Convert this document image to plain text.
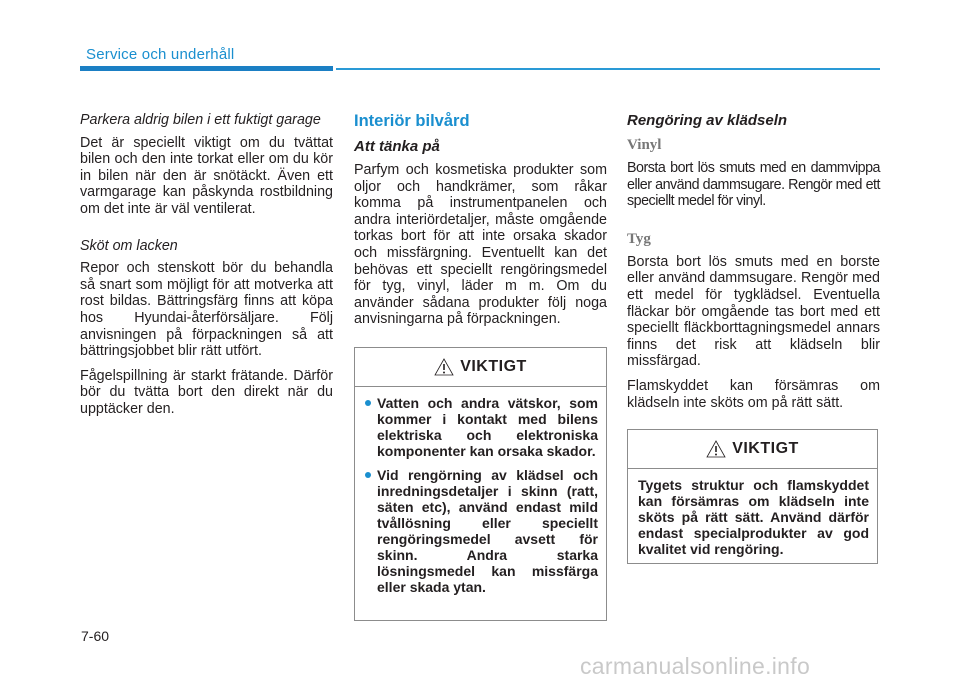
Service och underhåll

Parkera aldrig bilen i ett fuktigt garage

Det är speciellt viktigt om du tvättat bilen och den inte torkat eller om du kör in bilen när den är snötäckt. Även ett varmgarage kan påskynda rostbildning om det inte är väl ventilerat.

Sköt om lacken

Repor och stenskott bör du behandla så snart som möjligt för att motverka att rost bildas. Bättringsfärg finns att köpa hos Hyundai-återförsäljare. Följ anvisningen på förpackningen så att bättringsjobbet blir rätt utfört.

Fågelspillning är starkt frätande. Därför bör du tvätta bort den direkt när du upptäcker den.

Interiör bilvård
Att tänka på

Parfym och kosmetiska produkter som oljor och handkrämer, som råkar komma på instrumentpanelen och andra interiördetaljer, måste omgående torkas bort för att inte orsaka skador och missfärgning. Eventuellt kan det behövas ett speciellt rengöringsmedel för tyg, vinyl, läder m m. Om du använder sådana produkter följ noga anvisningarna på förpackningen.

VIKTIGT
Vatten och andra vätskor, som kommer i kontakt med bilens elektriska och elektroniska komponenter kan orsaka skador.
Vid rengörning av klädsel och inredningsdetaljer i skinn (ratt, säten etc), använd endast mild tvållösning eller speciellt rengöringsmedel avsett för skinn. Andra starka lösningsmedel kan missfärga eller skada ytan.
Rengöring av klädseln
Vinyl

Borsta bort lös smuts med en dammvippa eller använd dammsugare. Rengör med ett speciellt medel för vinyl.

Tyg

Borsta bort lös smuts med en borste eller använd dammsugare. Rengör med ett medel för tygklädsel. Eventuella fläckar bör omgående tas bort med ett speciellt fläckborttagningsmedel annars finns det risk att klädseln blir missfärgad.

Flamskyddet kan försämras om klädseln inte sköts om på rätt sätt.

VIKTIGT

Tygets struktur och flamskyddet kan försämras om klädseln inte sköts på rätt sätt. Använd därför endast specialprodukter av god kvalitet vid rengöring.

7-60
carmanualsonline.info
